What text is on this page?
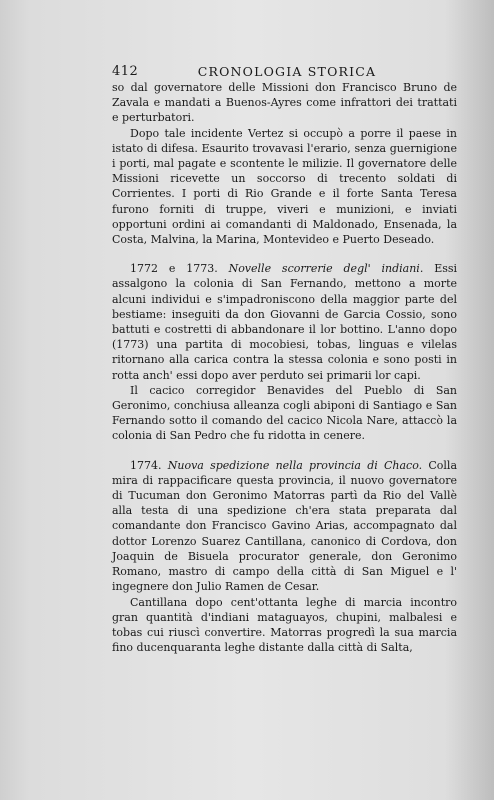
412	CRONOLOGIA STORICA

so dal governatore delle Missioni don Francisco Bruno de Zavala e mandati a Buenos-Ayres come infrattori dei trattati e perturbatori.

Dopo tale incidente Vertez si occupò a porre il paese in istato di difesa. Esaurito trovavasi l'erario, senza guernigione i porti, mal pagate e scontente le milizie. Il governatore delle Missioni ricevette un soccorso di trecento soldati di Corrientes. I porti di Rio Grande e il forte Santa Teresa furono forniti di truppe, viveri e munizioni, e inviati opportuni ordini ai comandanti di Maldonado, Ensenada, la Costa, Malvina, la Marina, Montevideo e Puerto Deseado.

1772 e 1773. Novelle scorrerie degl' indiani. Essi assalgono la colonia di San Fernando, mettono a morte alcuni individui e s'impadroniscono della maggior parte del bestiame: inseguiti da don Giovanni de Garcia Cossio, sono battuti e costretti di abbandonare il lor bottino. L'anno dopo (1773) una partita di mocobiesi, tobas, linguas e vilelas ritornano alla carica contra la stessa colonia e sono posti in rotta anch' essi dopo aver perduto sei primarii lor capi.

Il cacico corregidor Benavides del Pueblo di San Geronimo, conchiusa alleanza cogli abiponi di Santiago e San Fernando sotto il comando del cacico Nicola Nare, attaccò la colonia di San Pedro che fu ridotta in cenere.

1774. Nuova spedizione nella provincia di Chaco. Colla mira di rappacificare questa provincia, il nuovo governatore di Tucuman don Geronimo Matorras partì da Rio del Vallè alla testa di una spedizione ch'era stata preparata dal comandante don Francisco Gavino Arias, accompagnato dal dottor Lorenzo Suarez Cantillana, canonico di Cordova, don Joaquin de Bisuela procurator generale, don Geronimo Romano, mastro di campo della città di San Miguel e l' ingegnere don Julio Ramen de Cesar.

Cantillana dopo cent'ottanta leghe di marcia incontro gran quantità d'indiani mataguayos, chupini, malbalesi e tobas cui riuscì convertire. Matorras progredì la sua marcia fino ducenquaranta leghe distante dalla città di Salta,
